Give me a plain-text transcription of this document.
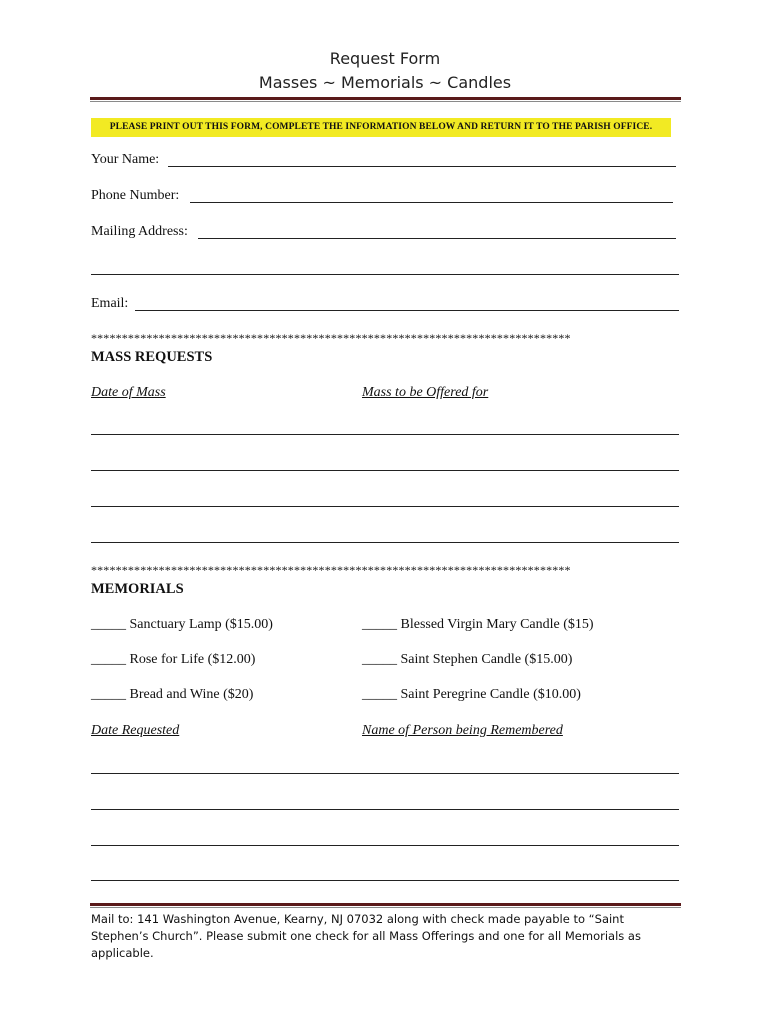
Request Form
Masses ~ Memorials ~ Candles
PLEASE PRINT OUT THIS FORM, COMPLETE THE INFORMATION BELOW AND RETURN IT TO THE PARISH OFFICE.
Your Name:
Phone Number:
Mailing Address:
Email:
******************************************************************************
MASS REQUESTS
Date of Mass	Mass to be Offered for
******************************************************************************
MEMORIALS
_____ Sanctuary Lamp ($15.00)	_____ Blessed Virgin Mary Candle ($15)
_____ Rose for Life ($12.00)	_____ Saint Stephen Candle ($15.00)
_____ Bread and Wine ($20)	_____ Saint Peregrine Candle ($10.00)
Date Requested	Name of Person being Remembered
Mail to: 141 Washington Avenue, Kearny, NJ 07032 along with check made payable to “Saint Stephen’s Church”. Please submit one check for all Mass Offerings and one for all Memorials as applicable.
